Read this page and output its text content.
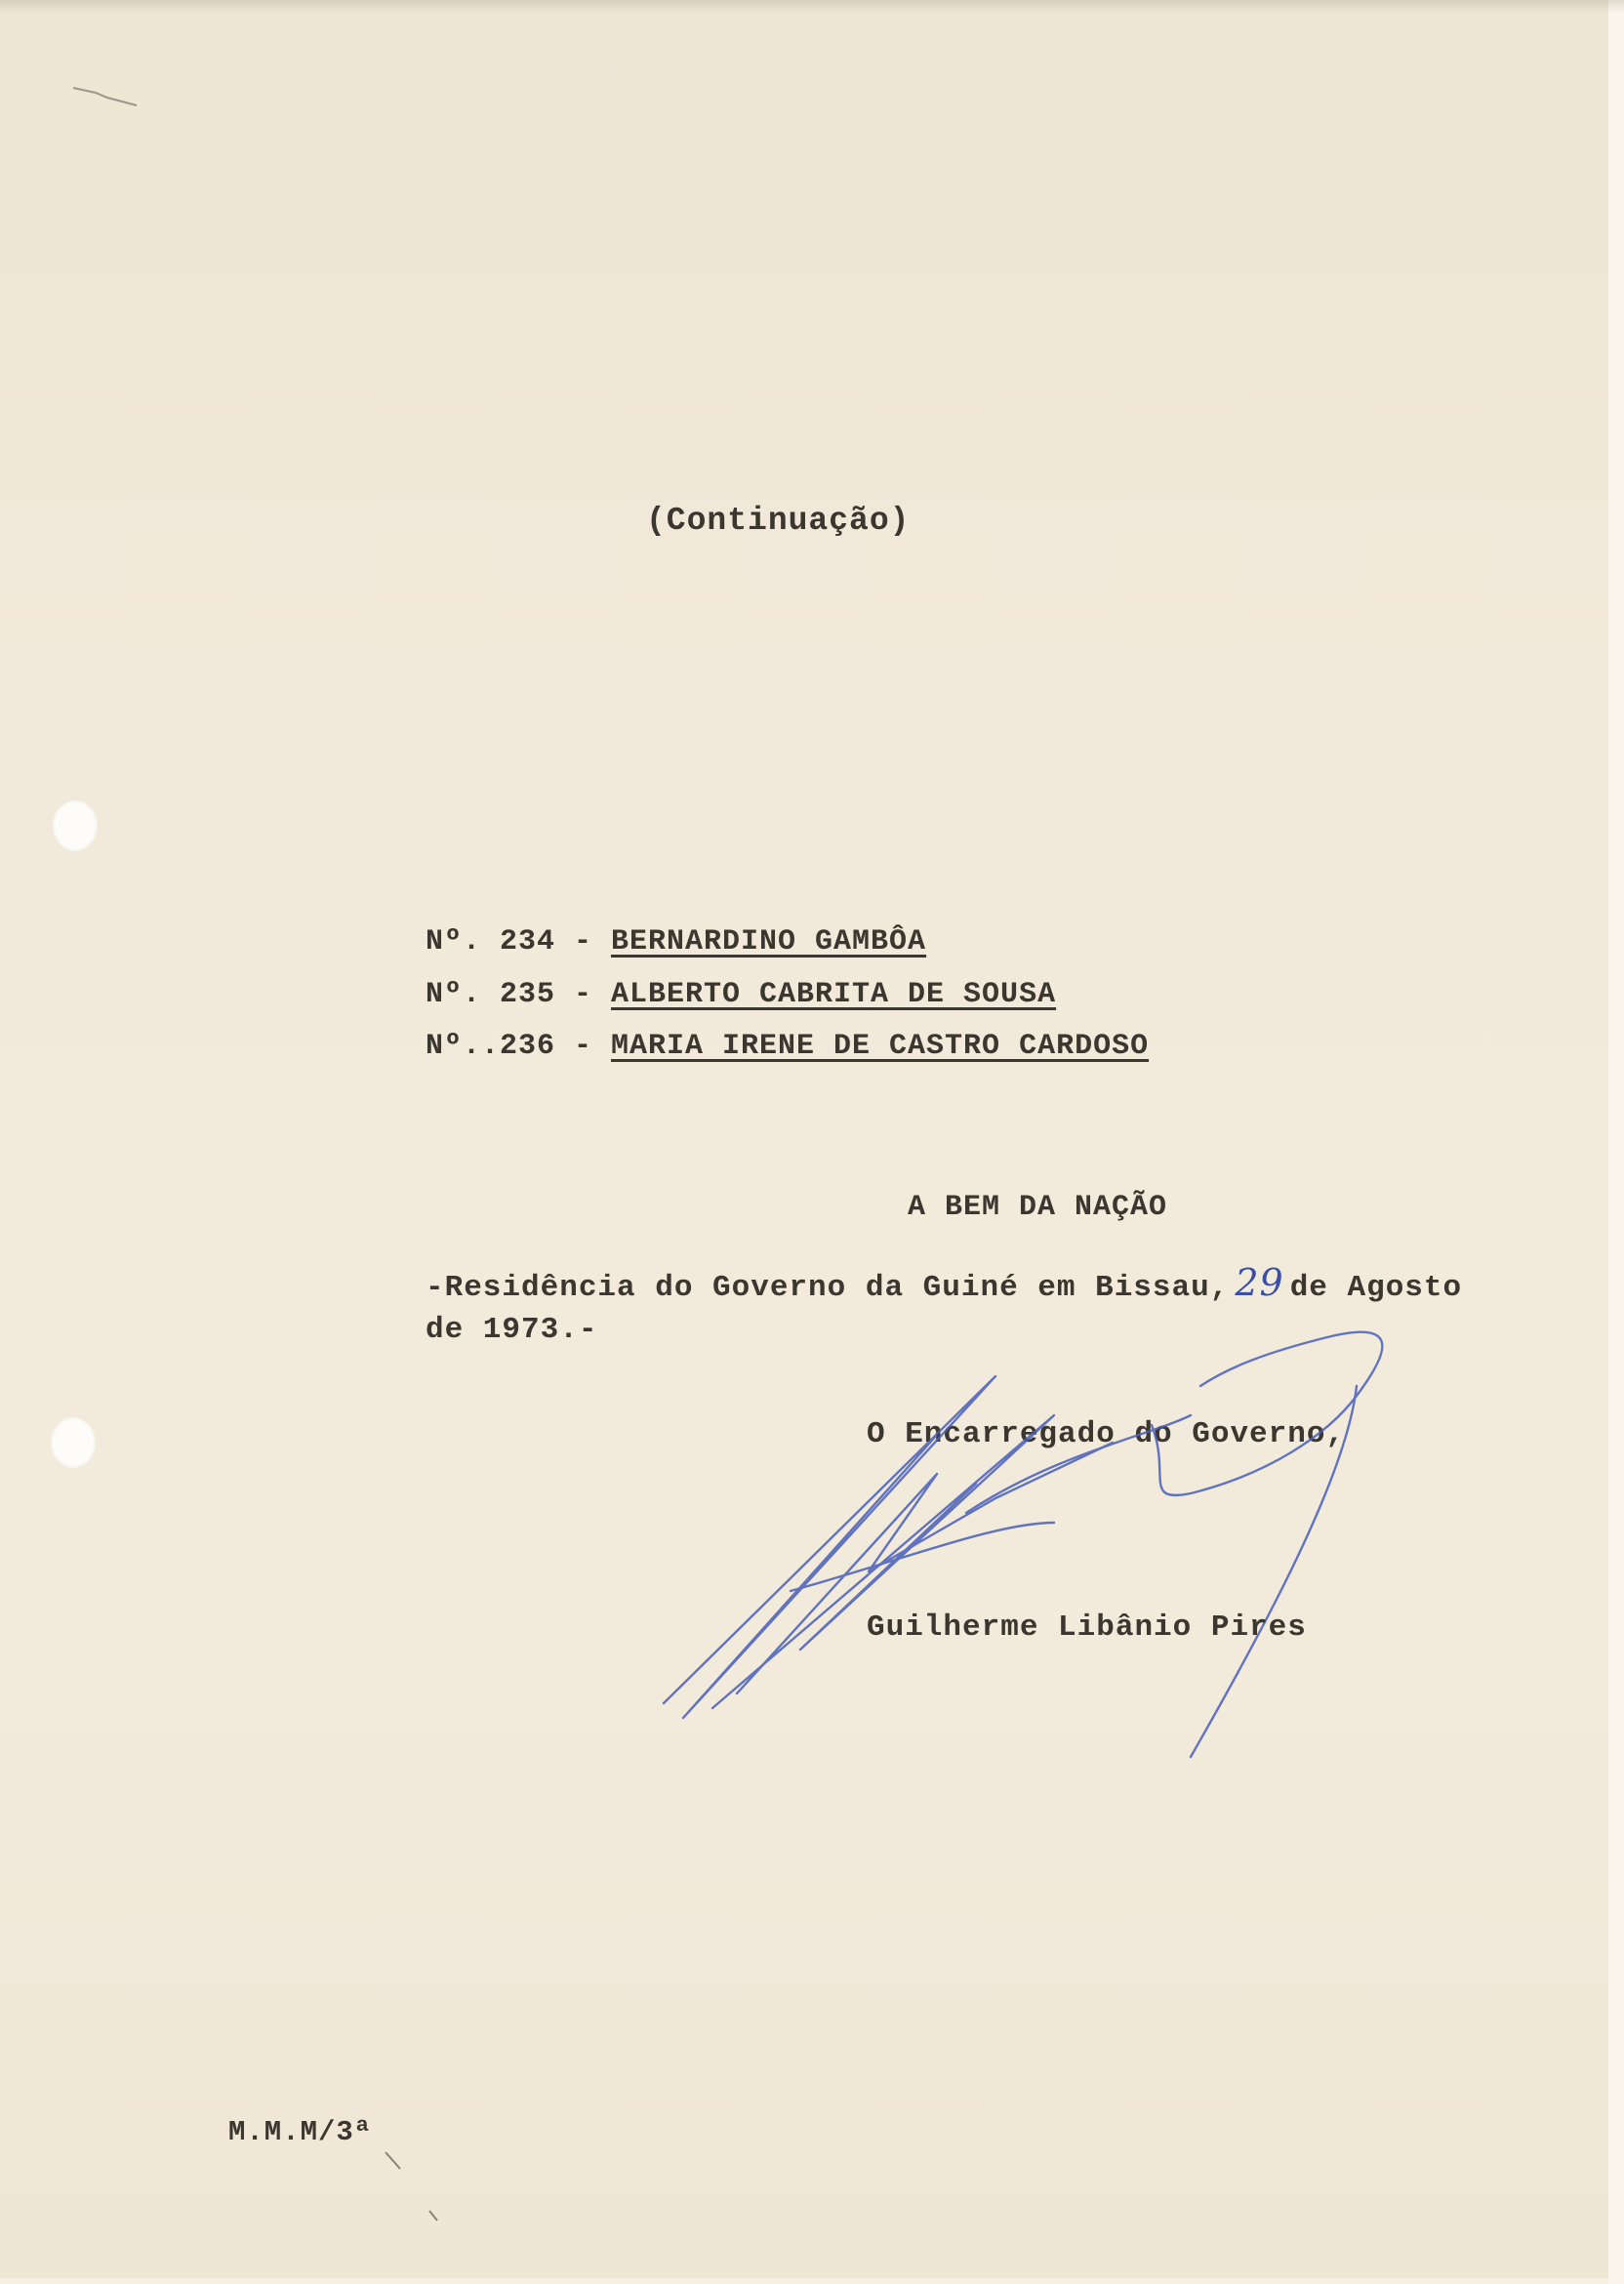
(Continuação)
Nº. 234 - BERNARDINO GAMBÔA
Nº. 235 - ALBERTO CABRITA DE SOUSA
Nº..236 - MARIA IRENE DE CASTRO CARDOSO
A BEM DA NAÇÃO
-Residência do Governo da Guiné em Bissau, 29 de Agosto
de 1973.-
O Encarregado do Governo,
Guilherme Libânio Pires
M.M.M/3ª
